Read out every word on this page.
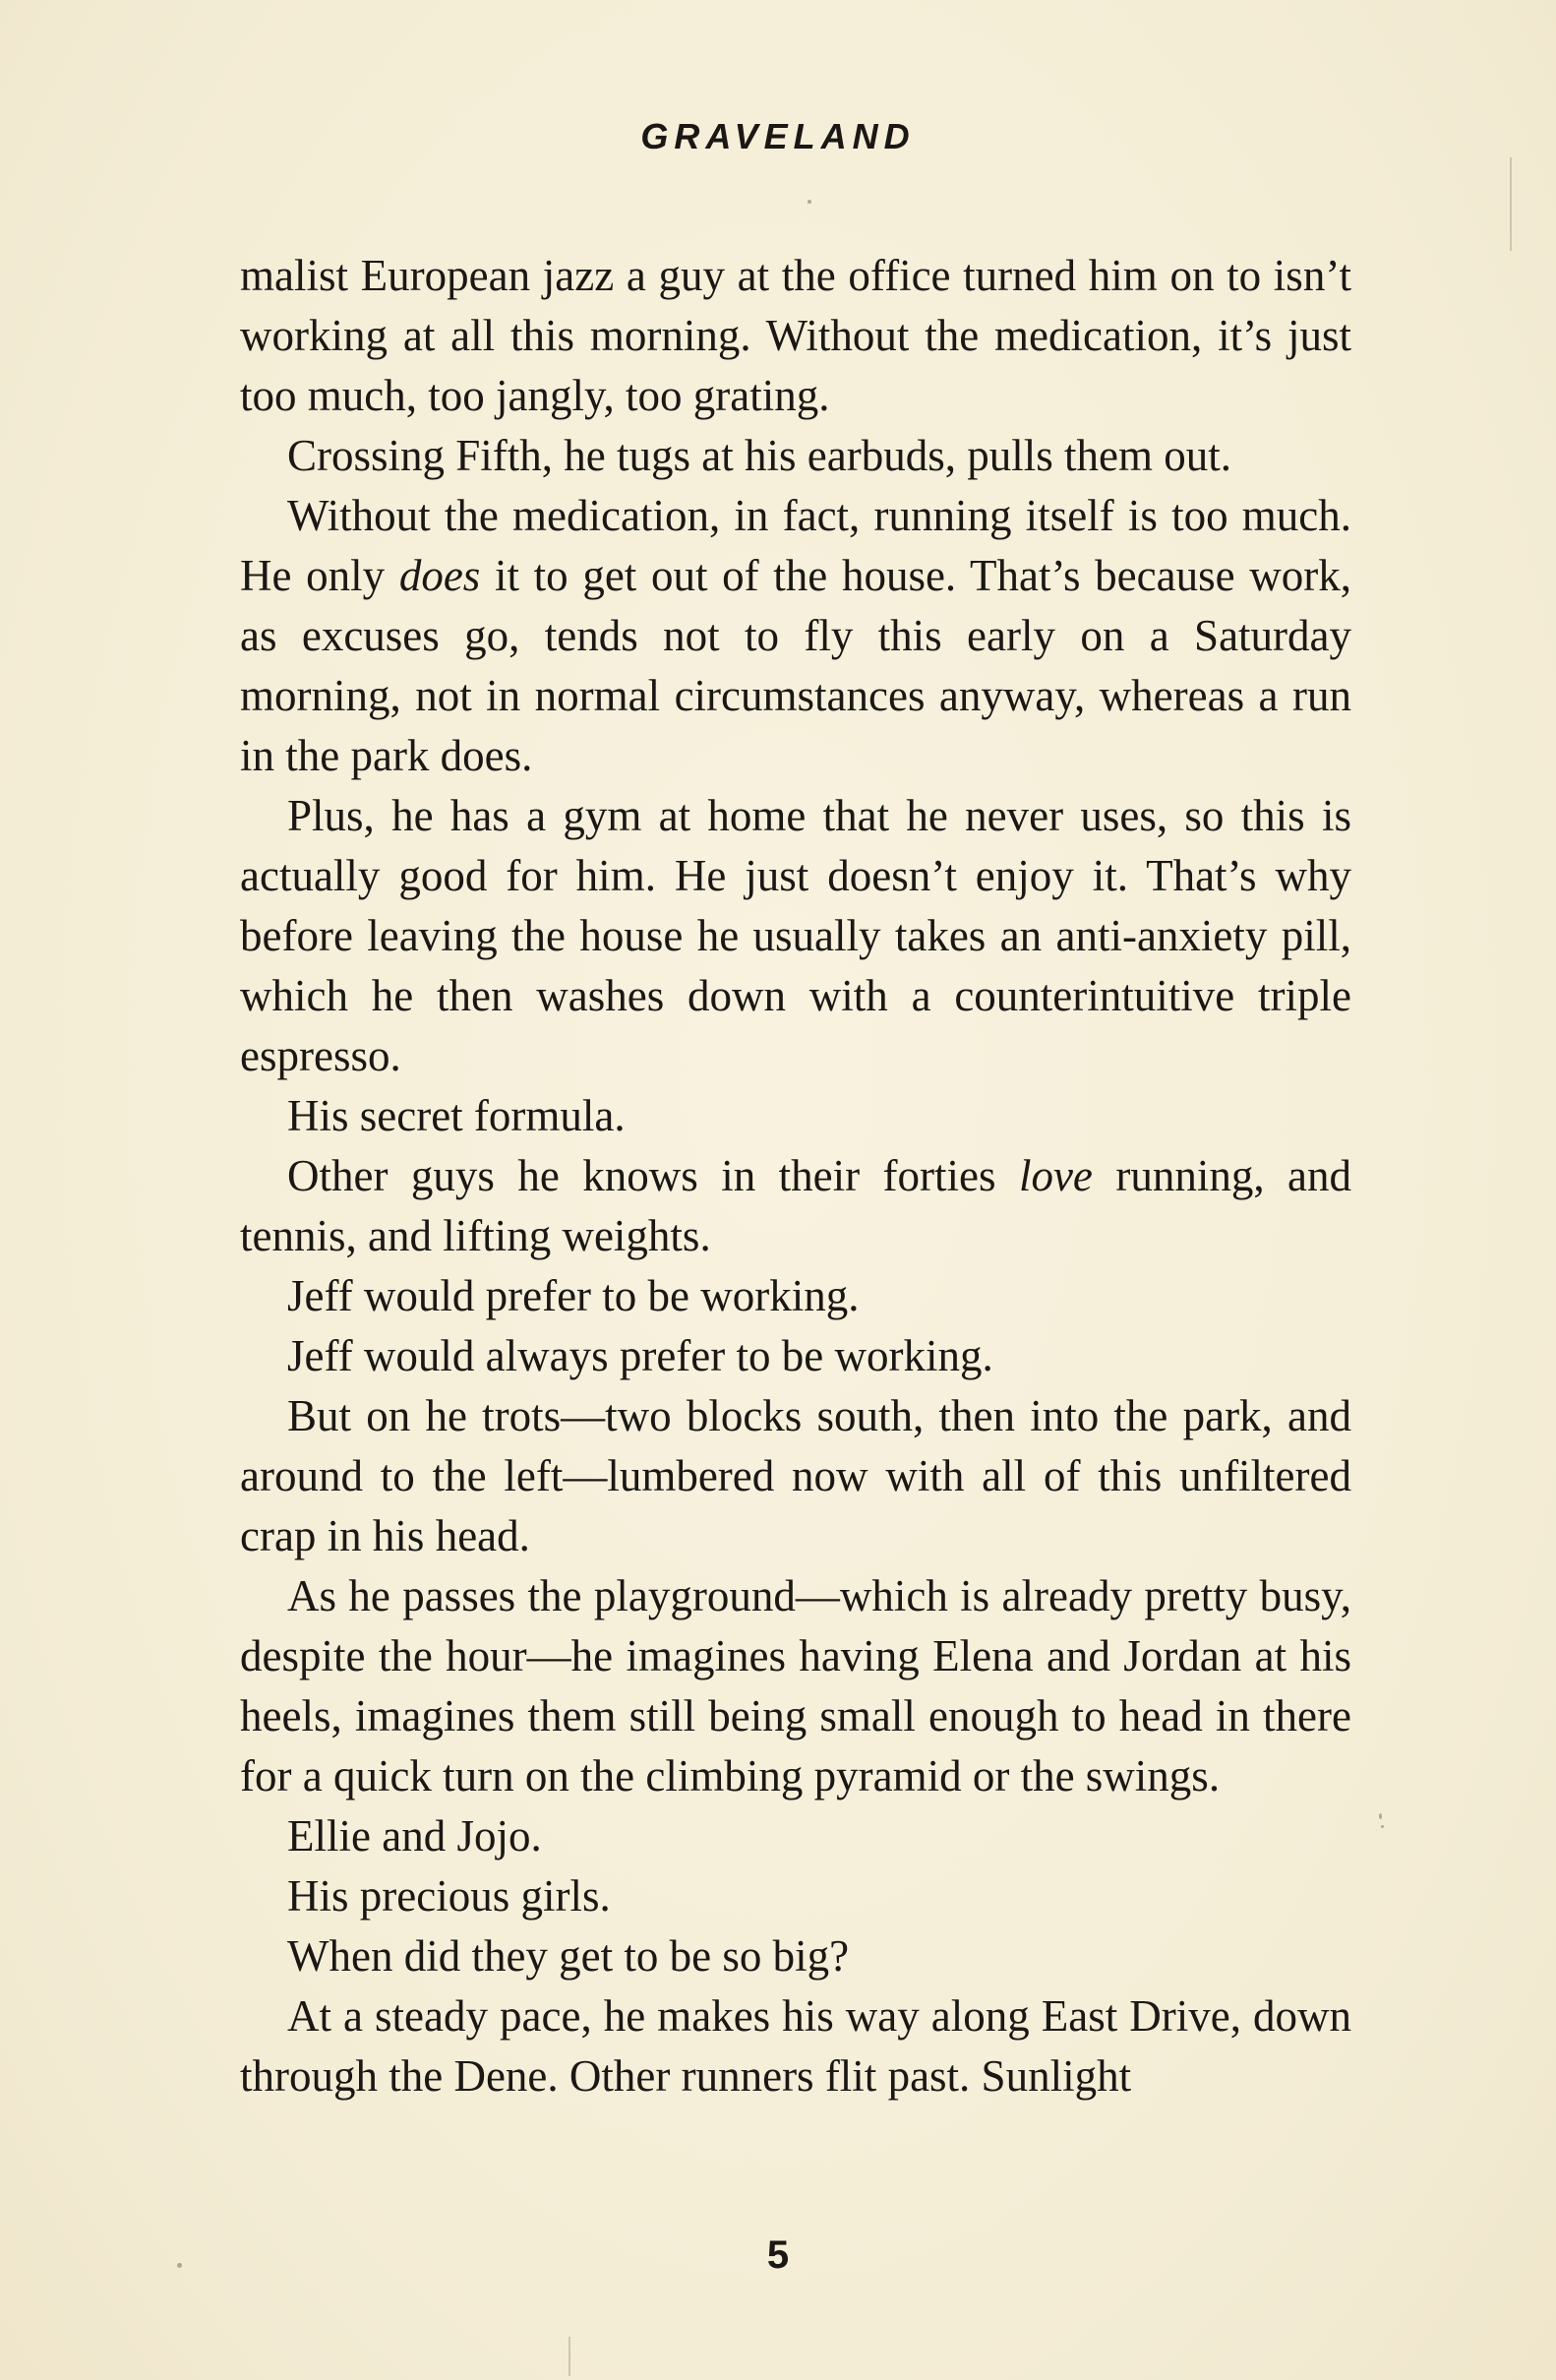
GRAVELAND

malist European jazz a guy at the office turned him on to isn’t working at all this morning. Without the medication, it’s just too much, too jangly, too grating.

Crossing Fifth, he tugs at his earbuds, pulls them out.

Without the medication, in fact, running itself is too much. He only does it to get out of the house. That’s because work, as excuses go, tends not to fly this early on a Saturday morning, not in normal circumstances anyway, whereas a run in the park does.

Plus, he has a gym at home that he never uses, so this is actually good for him. He just doesn’t enjoy it. That’s why before leaving the house he usually takes an anti-anxiety pill, which he then washes down with a counterintuitive triple espresso.

His secret formula.

Other guys he knows in their forties love running, and tennis, and lifting weights.

Jeff would prefer to be working.

Jeff would always prefer to be working.

But on he trots—two blocks south, then into the park, and around to the left—lumbered now with all of this unfiltered crap in his head.

As he passes the playground—which is already pretty busy, despite the hour—he imagines having Elena and Jordan at his heels, imagines them still being small enough to head in there for a quick turn on the climbing pyramid or the swings.

Ellie and Jojo.

His precious girls.

When did they get to be so big?

At a steady pace, he makes his way along East Drive, down through the Dene. Other runners flit past. Sunlight

5
